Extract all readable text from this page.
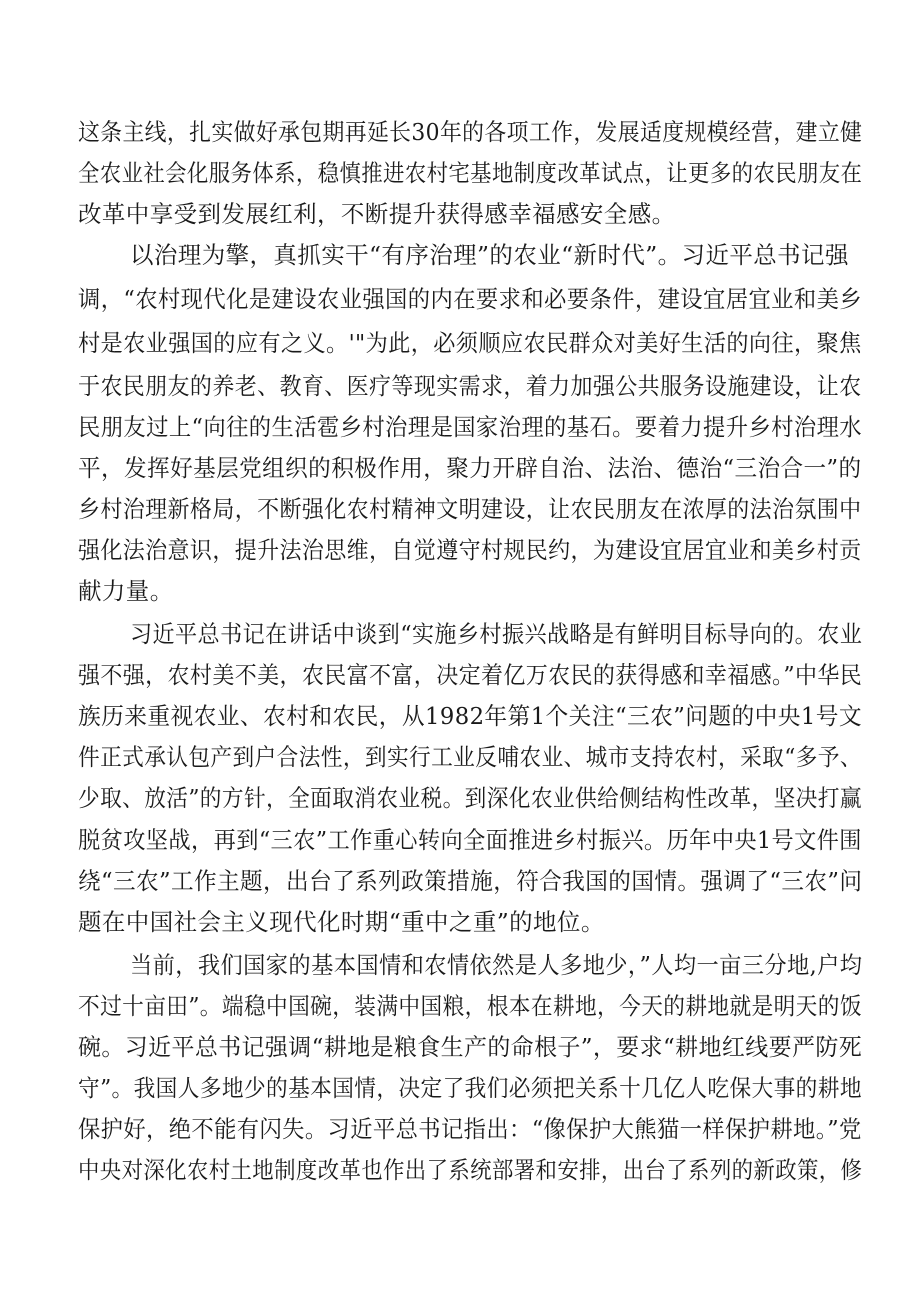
这条主线，扎实做好承包期再延长30年的各项工作，发展适度规模经营，建立健
全农业社会化服务体系，稳慎推进农村宅基地制度改革试点，让更多的农民朋友在
改革中享受到发展红利，不断提升获得感幸福感安全感。
以治理为擎，真抓实干“有序治理”的农业“新时代”。习近平总书记强
调，“农村现代化是建设农业强国的内在要求和必要条件，建设宜居宜业和美乡
村是农业强国的应有之义。'"为此，必须顺应农民群众对美好生活的向往，聚焦
于农民朋友的养老、教育、医疗等现实需求，着力加强公共服务设施建设，让农
民朋友过上“向往的生活雹乡村治理是国家治理的基石。要着力提升乡村治理水
平，发挥好基层党组织的积极作用，聚力开辟自治、法治、德治“三治合一”的
乡村治理新格局，不断强化农村精神文明建设，让农民朋友在浓厚的法治氛围中
强化法治意识，提升法治思维，自觉遵守村规民约，为建设宜居宜业和美乡村贡
献力量。
习近平总书记在讲话中谈到“实施乡村振兴战略是有鲜明目标导向的。农业
强不强，农村美不美，农民富不富，决定着亿万农民的获得感和幸福感。”中华民
族历来重视农业、农村和农民，从1982年第1个关注“三农”问题的中央1号文
件正式承认包产到户合法性，到实行工业反哺农业、城市支持农村，采取“多予、
少取、放活”的方针，全面取消农业税。到深化农业供给侧结构性改革，坚决打赢
脱贫攻坚战，再到“三农”工作重心转向全面推进乡村振兴。历年中央1号文件围
绕“三农”工作主题，出台了系列政策措施，符合我国的国情。强调了“三农”问
题在中国社会主义现代化时期“重中之重”的地位。
当前，我们国家的基本国情和农情依然是人多地少，”人均一亩三分地,户均
不过十亩田”。端稳中国碗，装满中国粮，根本在耕地，今天的耕地就是明天的饭
碗。习近平总书记强调“耕地是粮食生产的命根子”，要求“耕地红线要严防死
守”。我国人多地少的基本国情，决定了我们必须把关系十几亿人吃保大事的耕地
保护好，绝不能有闪失。习近平总书记指出：“像保护大熊猫一样保护耕地。”党
中央对深化农村土地制度改革也作出了系统部署和安排，出台了系列的新政策，修
